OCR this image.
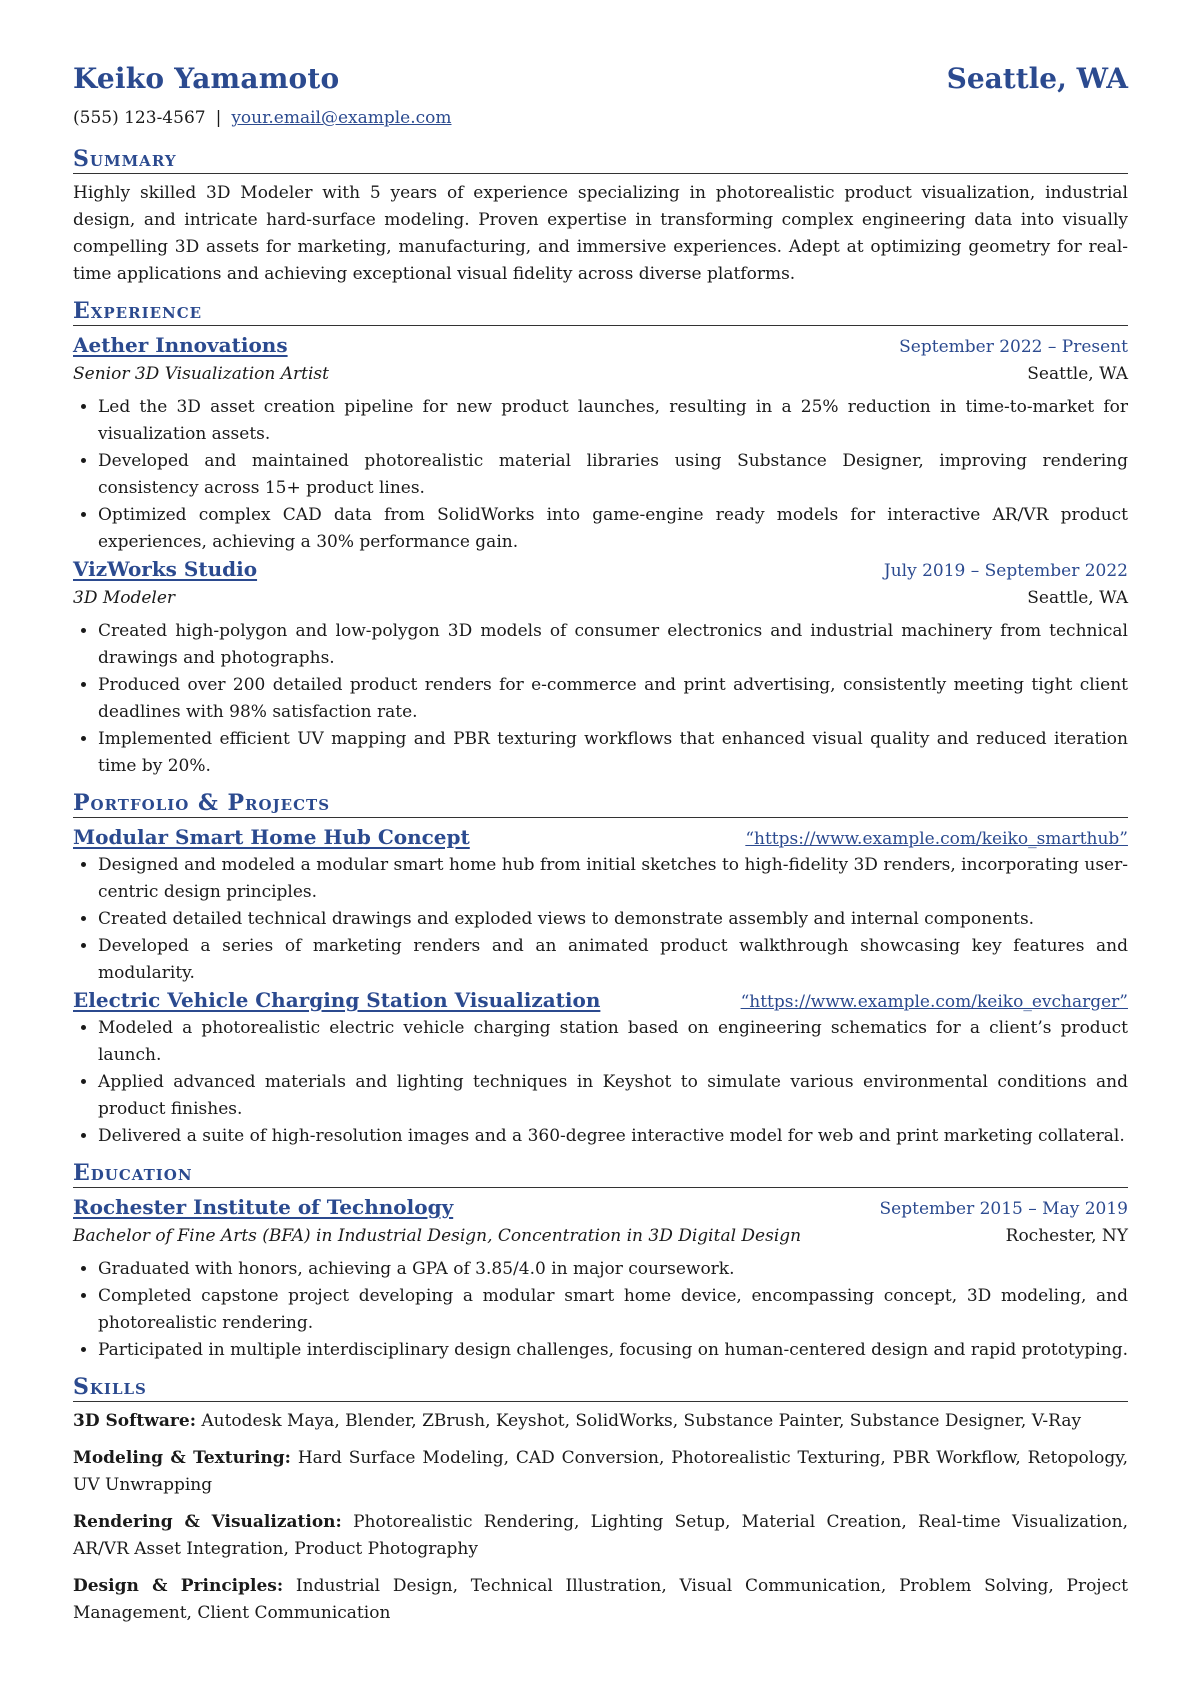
Keiko Yamamoto	Seattle, WA
(555) 123-4567 | your.email@example.com
Summary
Highly skilled 3D Modeler with 5 years of experience specializing in photorealistic product visualization, industrial design, and intricate hard-surface modeling. Proven expertise in transforming complex engineering data into visually compelling 3D assets for marketing, manufacturing, and immersive experiences. Adept at optimizing geometry for real-time applications and achieving exceptional visual fidelity across diverse platforms.
Experience
Aether Innovations	September 2022 – Present
Senior 3D Visualization Artist	Seattle, WA
• Led the 3D asset creation pipeline for new product launches, resulting in a 25% reduction in time-to-market for visualization assets.
• Developed and maintained photorealistic material libraries using Substance Designer, improving rendering consistency across 15+ product lines.
• Optimized complex CAD data from SolidWorks into game-engine ready models for interactive AR/VR product experiences, achieving a 30% performance gain.
VizWorks Studio	July 2019 – September 2022
3D Modeler	Seattle, WA
• Created high-polygon and low-polygon 3D models of consumer electronics and industrial machinery from technical drawings and photographs.
• Produced over 200 detailed product renders for e-commerce and print advertising, consistently meeting tight client deadlines with 98% satisfaction rate.
• Implemented efficient UV mapping and PBR texturing workflows that enhanced visual quality and reduced iteration time by 20%.
Portfolio & Projects
Modular Smart Home Hub Concept	“https://www.example.com/keiko_smarthub”
• Designed and modeled a modular smart home hub from initial sketches to high-fidelity 3D renders, incorporating user-centric design principles.
• Created detailed technical drawings and exploded views to demonstrate assembly and internal components.
• Developed a series of marketing renders and an animated product walkthrough showcasing key features and modularity.
Electric Vehicle Charging Station Visualization	“https://www.example.com/keiko_evcharger”
• Modeled a photorealistic electric vehicle charging station based on engineering schematics for a client’s product launch.
• Applied advanced materials and lighting techniques in Keyshot to simulate various environmental conditions and product finishes.
• Delivered a suite of high-resolution images and a 360-degree interactive model for web and print marketing collateral.
Education
Rochester Institute of Technology	September 2015 – May 2019
Bachelor of Fine Arts (BFA) in Industrial Design, Concentration in 3D Digital Design	Rochester, NY
• Graduated with honors, achieving a GPA of 3.85/4.0 in major coursework.
• Completed capstone project developing a modular smart home device, encompassing concept, 3D modeling, and photorealistic rendering.
• Participated in multiple interdisciplinary design challenges, focusing on human-centered design and rapid prototyping.
Skills
3D Software: Autodesk Maya, Blender, ZBrush, Keyshot, SolidWorks, Substance Painter, Substance Designer, V-Ray
Modeling & Texturing: Hard Surface Modeling, CAD Conversion, Photorealistic Texturing, PBR Workflow, Retopology, UV Unwrapping
Rendering & Visualization: Photorealistic Rendering, Lighting Setup, Material Creation, Real-time Visualization, AR/VR Asset Integration, Product Photography
Design & Principles: Industrial Design, Technical Illustration, Visual Communication, Problem Solving, Project Management, Client Communication
